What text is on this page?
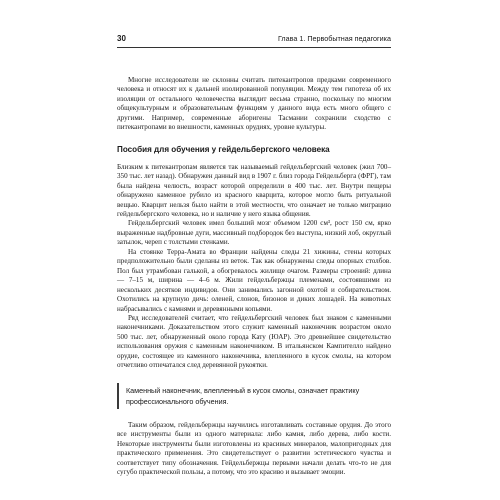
30	Глава 1. Первобытная педагогика

Многие исследователи не склонны считать питекантропов предками современного человека и относят их к дальней изолированной популяции. Между тем гипотеза об их изоляции от остального человечества выглядит весьма странно, поскольку по многим общекультурным и образовательным функциям у данного вида есть много общего с другими. Например, современные аборигены Тасмании сохранили сходство с питекантропами во внешности, каменных орудиях, уровне культуры.

Пособия для обучения у гейдельбергского человека

Близким к питекантропам является так называемый гейдельбергский человек (жил 700–350 тыс. лет назад). Обнаружен данный вид в 1907 г. близ города Гейдельберга (ФРГ), там была найдена челюсть, возраст которой определили в 400 тыс. лет. Внутри пещеры обнаружено каменное рубило из красного кварцита, которое могло быть ритуальной вещью. Кварцит нельзя было найти в этой местности, что означает не только миграцию гейдельбергского человека, но и наличие у него языка общения.

Гейдельбергский человек имел больший мозг объемом 1200 см³, рост 150 см, ярко выраженные надбровные дуги, массивный подбородок без выступа, низкий лоб, округлый затылок, череп с толстыми стенками.

На стоянке Терра-Амата во Франции найдены следы 21 хижины, стены которых предположительно были сделаны из веток. Так как обнаружены следы опорных столбов. Пол был утрамбован галькой, а обогревалось жилище очагом. Размеры строений: длина — 7–15 м, ширина — 4–6 м. Жили гейдельбержцы племенами, состоявшими из нескольких десятков индивидов. Они занимались загонной охотой и собирательством. Охотились на крупную дичь: оленей, слонов, бизонов и диких лошадей. На животных набрасывались с камнями и деревянными копьями.

Ряд исследователей считает, что гейдельбергский человек был знаком с каменными наконечниками. Доказательством этого служит каменный наконечник возрастом около 500 тыс. лет, обнаруженный около города Кату (ЮАР). Это древнейшее свидетельство использования оружия с каменным наконечником. В итальянском Кампителло найдено орудие, состоящее из каменного наконечника, влепленного в кусок смолы, на котором отчетливо отпечатался след деревянной рукоятки.

Каменный наконечник, влепленный в кусок смолы, означает практику профессионального обучения.

Таким образом, гейдельбержцы научились изготавливать составные орудия. До этого все инструменты были из одного материала: либо камня, либо дерева, либо кости. Некоторые инструменты были изготовлены из красивых минералов, малопригодных для практического применения. Это свидетельствует о развитии эстетического чувства и соответствует типу обозначения. Гейдельбержцы первыми начали делать что-то не для сугубо практической пользы, а потому, что это красиво и вызывает эмоции.
